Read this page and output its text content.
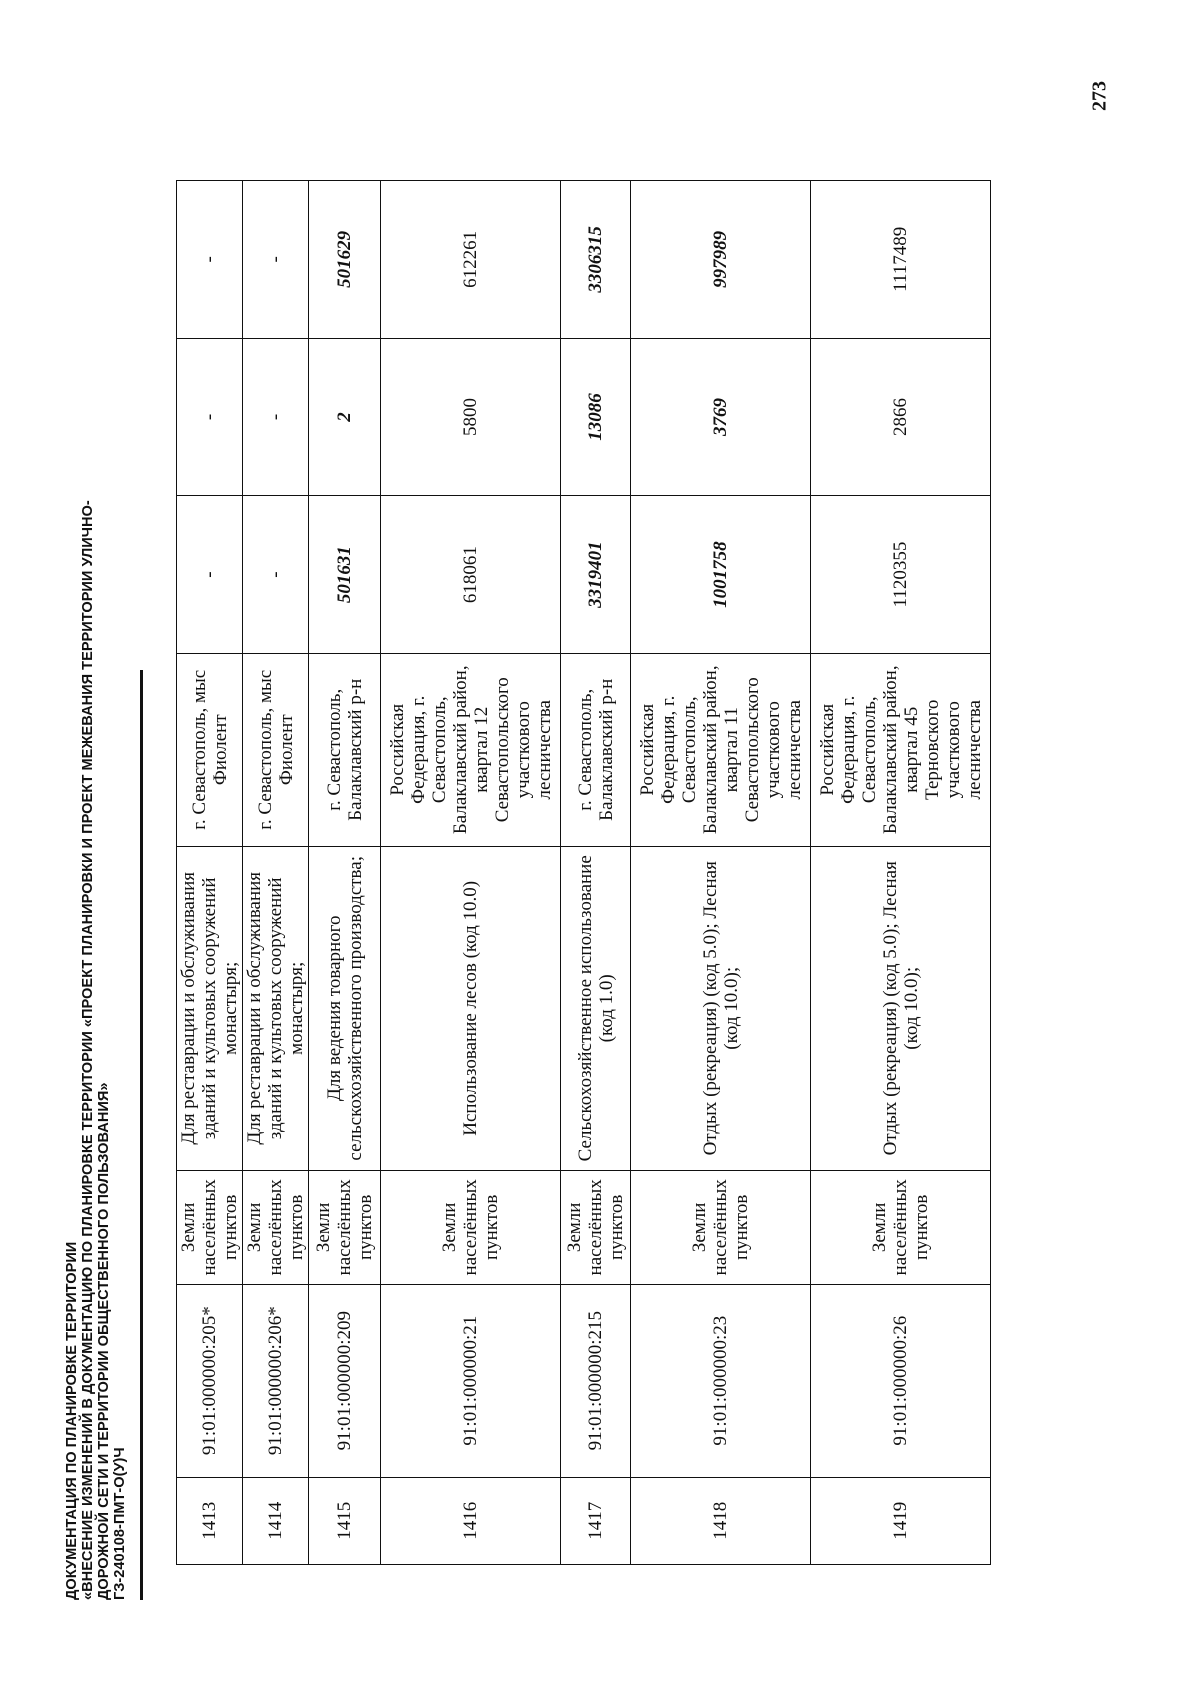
273
ДОКУМЕНТАЦИЯ ПО ПЛАНИРОВКЕ ТЕРРИТОРИИ «ВНЕСЕНИЕ ИЗМЕНЕНИЙ В ДОКУМЕНТАЦИЮ ПО ПЛАНИРОВКЕ ТЕРРИТОРИИ «ПРОЕКТ ПЛАНИРОВКИ И ПРОЕКТ МЕЖЕВАНИЯ ТЕРРИТОРИИ УЛИЧНО- ДОРОЖНОЙ СЕТИ И ТЕРРИТОРИИ ОБЩЕСТВЕННОГО ПОЛЬЗОВАНИЯ» ГЗ-240108-ПМТ-О(У)Ч	1413	91:01:000000:205*	Земли населённых пунктов	Для реставрации и обслуживания зданий и культовых сооружений монастыря;	г. Севастополь, мыс Фиолент	-	-	-
1414	91:01:000000:206*	Земли населённых пунктов	Для реставрации и обслуживания зданий и культовых сооружений монастыря;	г. Севастополь, мыс Фиолент	-	-	-
1415	91:01:000000:209	Земли населённых пунктов	Для ведения товарного сельскохозяйственного производства;	г. Севастополь, Балаклавский р-н	501631	2	501629
1416	91:01:000000:21	Земли населённых пунктов	Использование лесов (код 10.0)	Российская Федерация, г. Севастополь, Балаклавский район, квартал 12 Севастопольского участкового лесничества	618061	5800	612261
1417	91:01:000000:215	Земли населённых пунктов	Сельскохозяйственное использование (код 1.0)	г. Севастополь, Балаклавский р-н	3319401	13086	3306315
1418	91:01:000000:23	Земли населённых пунктов	Отдых (рекреация) (код 5.0); Лесная (код 10.0);	Российская Федерация, г. Севастополь, Балаклавский район, квартал 11 Севастопольского участкового лесничества	1001758	3769	997989
1419	91:01:000000:26	Земли населённых пунктов	Отдых (рекреация) (код 5.0); Лесная (код 10.0);	Российская Федерация, г. Севастополь, Балаклавский район, квартал 45 Терновского участкового лесничества	1120355	2866	1117489
